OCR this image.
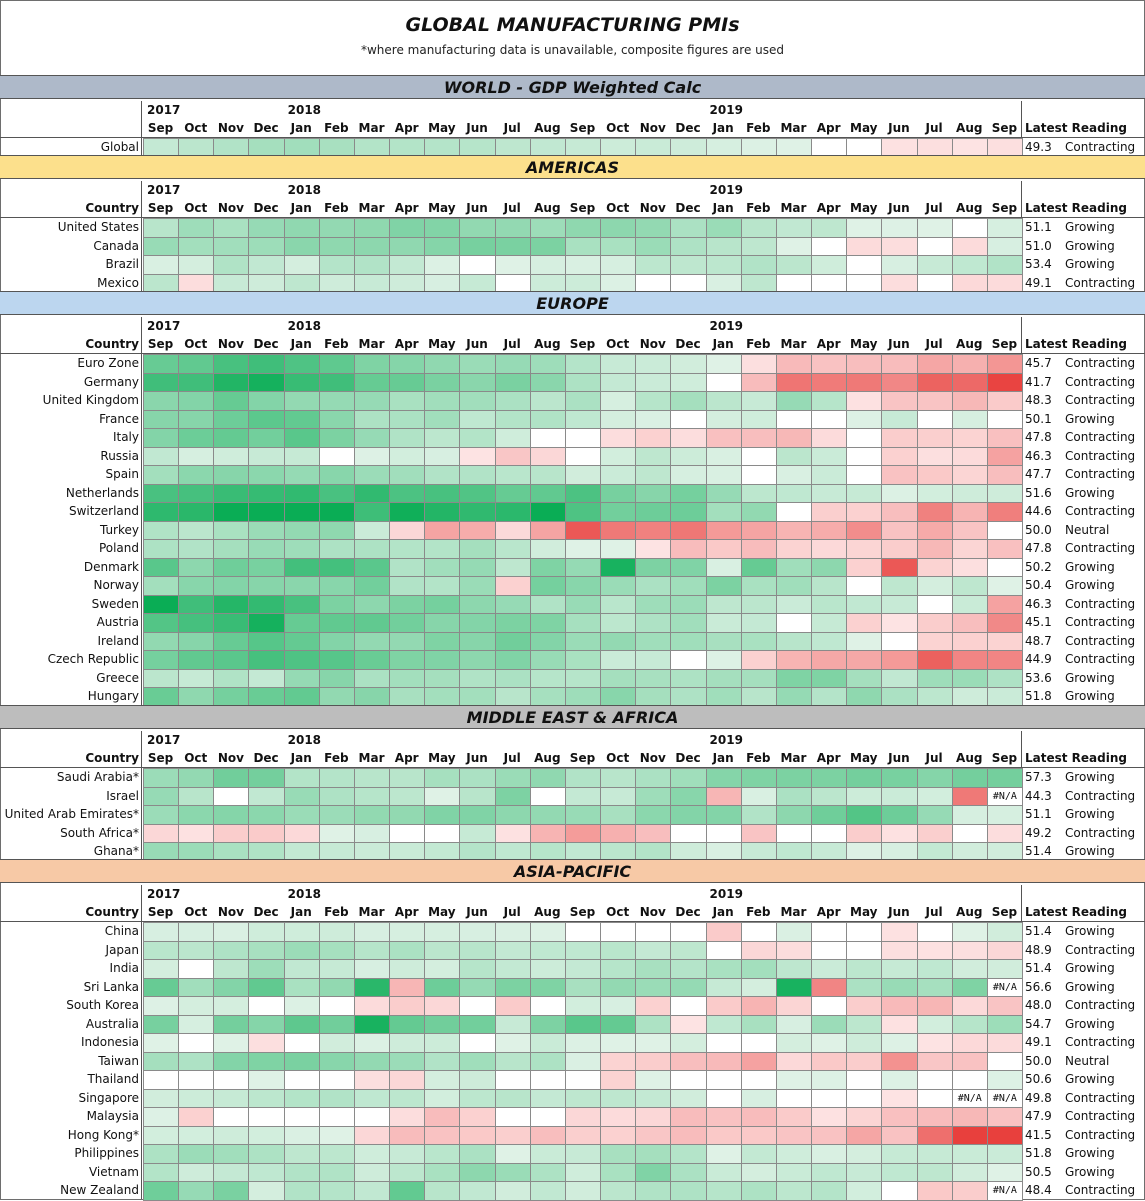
GLOBAL MANUFACTURING PMIs
*where manufacturing data is unavailable, composite figures are used
WORLD - GDP Weighted Calc
2017	2018	2019
Sep Oct Nov Dec Jan	Feb Mar Apr May Jun	Jul	Aug Sep Oct Nov Dec Jan	Feb Mar Apr May Jun	Jul	Aug Sep Latest Reading
Global	49.3 Contracting
AMERICAS
2017	2018	2019
Sep Oct Nov Dec Jan	Feb Mar Apr May Jun	Jul	Aug Sep Oct Nov Dec Jan	Feb Mar Apr May Jun	Jul	Aug Sep
Country	Latest Reading
United States	51.1 Growing
Canada	51.0 Growing
Brazil	53.4 Growing
Mexico	49.1 Contracting
EUROPE
2017	2018	2019
Sep Oct Nov Dec Jan	Feb Mar Apr May Jun	Jul	Aug Sep Oct Nov Dec Jan	Feb Mar Apr May Jun	Jul	Aug Sep
Country	Latest Reading
Euro Zone	45.7 Contracting
Germany	41.7 Contracting
United Kingdom	48.3 Contracting
France	50.1 Growing
Italy	47.8 Contracting
Russia	46.3 Contracting
Spain	47.7 Contracting
Netherlands	51.6 Growing
Switzerland	44.6 Contracting
Turkey	50.0 Neutral
Poland	47.8 Contracting
Denmark	50.2 Growing
Norway	50.4 Growing
Sweden	46.3 Contracting
Austria	45.1 Contracting
Ireland	48.7 Contracting
Czech Republic	44.9 Contracting
Greece	53.6 Growing
Hungary	51.8 Growing
MIDDLE EAST & AFRICA
2017	2018	2019
Sep Oct Nov Dec Jan	Feb Mar Apr May Jun	Jul	Aug Sep Oct Nov Dec Jan	Feb Mar Apr May Jun	Jul	Aug Sep
Country	Latest Reading
Saudi Arabia*	57.3 Growing
Israel	#N/A 44.3 Contracting
United Arab Emirates*	51.1 Growing
South Africa*	49.2 Contracting
Ghana*	51.4 Growing
ASIA-PACIFIC
2017	2018	2019
Sep Oct Nov Dec Jan	Feb Mar Apr May Jun	Jul	Aug Sep Oct Nov Dec Jan	Feb Mar Apr May Jun	Jul	Aug Sep
Country	Latest Reading
China	51.4 Growing
Japan	48.9 Contracting
India	51.4 Growing
Sri Lanka	#N/A 56.6 Growing
South Korea	48.0 Contracting
Australia	54.7 Growing
Indonesia	49.1 Contracting
Taiwan	50.0 Neutral
Thailand	50.6 Growing
Singapore	#N/A	#N/A 49.8 Contracting
Malaysia	47.9 Contracting
Hong Kong*	41.5 Contracting
Philippines	51.8 Growing
Vietnam	50.5 Growing
New Zealand	#N/A 48.4 Contracting
